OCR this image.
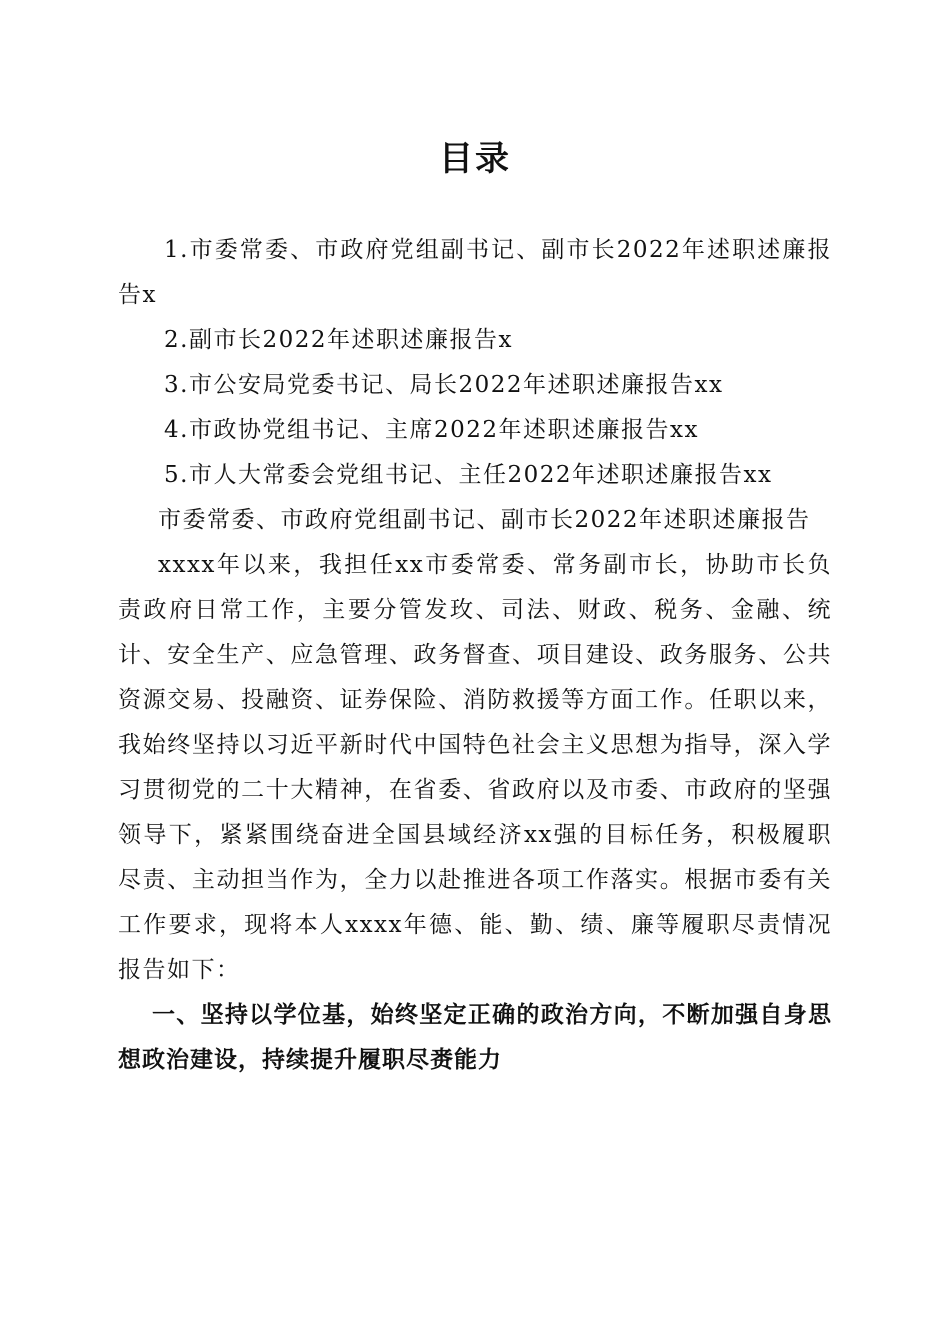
目录

1.市委常委、市政府党组副书记、副市长2022年述职述廉报告x

2.副市长2022年述职述廉报告x

3.市公安局党委书记、局长2022年述职述廉报告xx

4.市政协党组书记、主席2022年述职述廉报告xx

5.市人大常委会党组书记、主任2022年述职述廉报告xx

市委常委、市政府党组副书记、副市长2022年述职述廉报告

xxxx年以来，我担任xx市委常委、常务副市长，协助市长负责政府日常工作，主要分管发玫、司法、财政、税务、金融、统计、安全生产、应急管理、政务督查、项目建设、政务服务、公共资源交易、投融资、证券保险、消防救援等方面工作。任职以来，我始终坚持以习近平新时代中国特色社会主义思想为指导，深入学习贯彻党的二十大精神，在省委、省政府以及市委、市政府的坚强领导下，紧紧围绕奋进全国县域经济xx强的目标任务，积极履职尽责、主动担当作为，全力以赴推进各项工作落实。根据市委有关工作要求，现将本人xxxx年德、能、勤、绩、廉等履职尽责情况报告如下：

一、坚持以学位基，始终坚定正确的政治方向，不断加强自身思想政治建设，持续提升履职尽赉能力
